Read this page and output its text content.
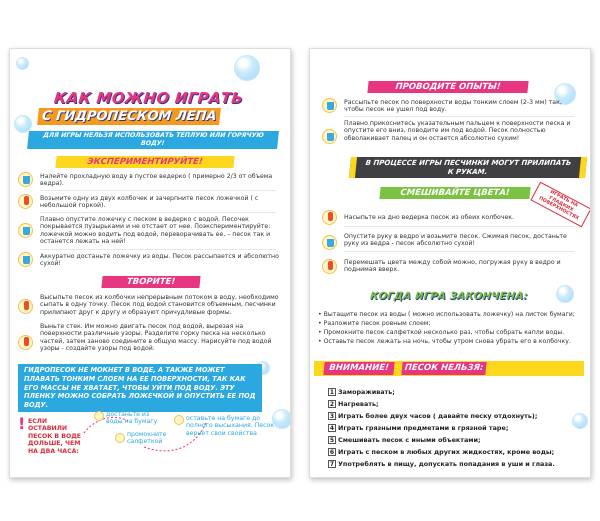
КАК МОЖНО ИГРАТЬ
С ГИДРОПЕСКОМ ЛЕПА
ДЛЯ ИГРЫ НЕЛЬЗЯ ИСПОЛЬЗОВАТЬ ТЕПЛУЮ ИЛИ ГОРЯЧУЮ ВОДУ!
ЭКСПЕРИМЕНТИРУЙТЕ!
Налейте прохладную воду в пустое ведерко ( примерно 2/3 от объема ведра).
Возьмите одну из двух колбочек и зачерпните песок ложечкой ( с небольшой горкой).
Плавно опустите ложечку с песком в ведерко с водой. Песочек покрывается пузырьками и не отстает от нее. Поэкспериментируйте: ложечкой можно водить под водой, переворачивать ее, – песок так и останется лежать на ней!
Аккуратно достаньте ложечку из воды. Песок рассыпается и абсолютно сухой!
ТВОРИТЕ!
Высыпьте песок из колбочки непрерывным потоком в воду, необходимо сыпать в одну точку. Песок под водой становится объемным, песчинки прилипают друг к другу и образуют причудливые формы.
Выньте стек. Им можно двигать песок под водой, вырезая на поверхности различные узоры. Разделите горку песка на несколько частей, затем заново соедините в общую массу. Нарисуйте под водой узоры - создайте узоры под водой.
ГИДРОПЕСОК НЕ МОКНЕТ В ВОДЕ, А ТАКЖЕ МОЖЕТ ПЛАВАТЬ ТОНКИМ СЛОЕМ НА ЕЕ ПОВЕРХНОСТИ, ТАК КАК ЕГО МАССЫ НЕ ХВАТАЕТ, ЧТОБЫ УЙТИ ПОД ВОДУ. ЭТУ ПЛЕНКУ МОЖНО СОБРАТЬ ЛОЖЕЧКОЙ И ОПУСТИТЬ ЕЕ ПОД ВОДУ.
! ЕСЛИ ОСТАВИЛИ ПЕСОК В ВОДЕ ДОЛЬШЕ, ЧЕМ НА ДВА ЧАСА:
достаньте из воды на бумагу
промокните салфеткой
оставьте на бумаге до полного высыхания. Песок вернет свои свойства
ПРОВОДИТЕ ОПЫТЫ!
Рассыпьте песок по поверхности воды тонким слоем (2-3 мм) так, чтобы песок не ушел под воду.
Плавно прикоснитесь указательным пальцем к поверхности песка и опустите его вниз, поводите им под водой. Песок полностью обволакивает палец и он остается абсолютно сухим!
В ПРОЦЕССЕ ИГРЫ ПЕСЧИНКИ МОГУТ ПРИЛИПАТЬ К РУКАМ.
СМЕШИВАЙТЕ ЦВЕТА!	ИГРАТЬ НА ГЛАДКИХ ПОВЕРХНОСТЯХ
Насыпьте на дно ведерка песок из обеих колбочек.
Опустите руку в ведро и возьмите песок. Сжимая песок, достаньте руку из ведра - песок абсолютно сухой!
Перемешать цвета между собой можно, погружая руку в ведро и поднимая вверх.
КОГДА ИГРА ЗАКОНЧЕНА:
• Вытащите песок из воды ( можно использовать ложечку) на листок бумаги;
• Разложите песок ровным слоем;
• Промокните песок салфеткой несколько раз, чтобы собрать капли воды.
• Оставьте песок лежать на ночь, чтобы утром снова убрать его в колбочку.
ВНИМАНИЕ!	ПЕСОК НЕЛЬЗЯ:
1 Замораживать;
2 Нагревать;
3 Играть более двух часов ( давайте песку отдохнуть);
4 Играть грязными предметами в грязной таре;
5 Смешивать песок с иными объектами;
6 Играть с песком в любых других жидкостях, кроме воды;
7 Употреблять в пищу, допускать попадания в уши и глаза.
